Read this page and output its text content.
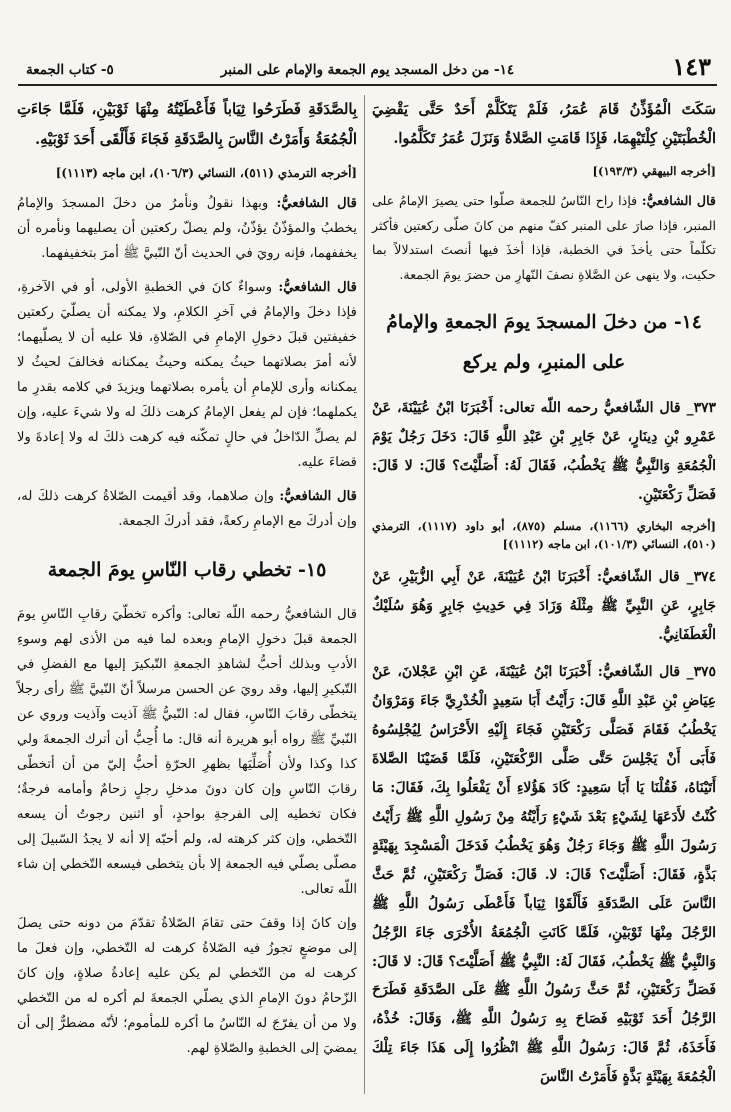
١٤٣
١٤- من دخل المسجد يوم الجمعة والإمام على المنبر
٥- كتاب الجمعة

سَكَتَ الْمُؤَذِّنُ قَامَ عُمَرُ، فَلَمْ يَتَكَلَّمْ أَحَدٌ حَتَّى يَقْضِيَ الْخُطْبَتَيْنِ كِلْتَيْهِمَا، فَإِذَا قَامَتِ الصَّلاةُ وَنَزَلَ عُمَرُ تَكَلَّمُوا.

[أخرجه البيهقي (١٩٣/٣)]

قال الشافعيُّ: فإذا راح النّاسُ للجمعة صلّوا حتى يصيرَ الإمامُ على المنبر، فإذا صارَ على المنبر كفّ منهم من كانَ صلّى ركعتين فأكثر تكلّماً حتى يأخذَ في الخطبة، فإذا أخذَ فيها أنصتَ استدلالاً بما حكيت، ولا ينهى عن الصَّلاةِ نصفَ النّهارِ من حضرَ يومَ الجمعة.

١٤- من دخلَ المسجدَ يومَ الجمعةِ والإمامُ على المنبرِ، ولم يركع

٣٧٣_ قال الشّافعيُّ رحمه اللّه تعالى: أَخْبَرَنَا ابْنُ عُيَيْنَةَ، عَنْ عَمْرِو بْنِ دِينَارٍ، عَنْ جَابِرِ بْنِ عَبْدِ اللَّهِ قَالَ: دَخَلَ رَجُلٌ يَوْمَ الْجُمُعَةِ وَالنَّبِيُّ ﷺ يَخْطُبُ، فَقَالَ لَهُ: أَصَلَّيْتَ؟ قَالَ: لا قَالَ: فَصَلِّ رَكْعَتَيْنِ.

[أخرجه البخاري (١١٦٦)، مسلم (٨٧٥)، أبو داود (١١١٧)، الترمذي (٥١٠)، النسائي (١٠١/٣)، ابن ماجه (١١١٢)]

٣٧٤_ قال الشّافعيُّ: أَخْبَرَنَا ابْنُ عُيَيْنَةَ، عَنْ أَبِي الزُّبَيْرِ، عَنْ جَابِرٍ، عَنِ النَّبِيِّ ﷺ مِثْلَهُ وَزَادَ فِي حَدِيثِ جَابِرٍ وَهُوَ سُلَيْكٌ الْغَطَفَانِيُّ.

٣٧٥_ قال الشّافعيُّ: أَخْبَرَنَا ابْنُ عُيَيْنَةَ، عَنِ ابْنِ عَجْلانَ، عَنْ عِيَاضِ بْنِ عَبْدِ اللَّهِ قَالَ: رَأَيْتُ أَبَا سَعِيدٍ الْخُدْرِيَّ جَاءَ وَمَرْوَانُ يَخْطُبُ فَقَامَ فَصَلَّى رَكْعَتَيْنِ فَجَاءَ إِلَيْهِ الأَحْرَاسُ لِيُجْلِسُوهُ فَأَبَى أَنْ يَجْلِسَ حَتَّى صَلَّى الرَّكْعَتَيْنِ، فَلَمَّا قَضَيْنَا الصَّلاةَ أَتَيْنَاهُ، فَقُلْنَا يَا أَبَا سَعِيدٍ: كَادَ هَؤُلاءِ أَنْ يَفْعَلُوا بِكَ، فَقَالَ: مَا كُنْتُ لأَدَعَهَا لِشَيْءٍ بَعْدَ شَيْءٍ رَأَيْتُهُ مِنْ رَسُولِ اللَّهِ ﷺ رَأَيْتُ رَسُولَ اللَّهِ ﷺ وَجَاءَ رَجُلٌ وَهُوَ يَخْطُبُ فَدَخَلَ الْمَسْجِدَ بِهَيْئَةٍ بَذَّةٍ، فَقَالَ: أَصَلَّيْتَ؟ قَالَ: لا. قَالَ: فَصَلِّ رَكْعَتَيْنِ، ثُمَّ حَثَّ النَّاسَ عَلَى الصَّدَقَةِ فَأَلْقَوْا ثِيَاباً فَأَعْطَى رَسُولُ اللَّهِ ﷺ الرَّجُلَ مِنْهَا ثَوْبَيْنِ، فَلَمَّا كَانَتِ الْجُمُعَةُ الأُخْرَى جَاءَ الرَّجُلُ وَالنَّبِيُّ ﷺ يَخْطُبُ، فَقَالَ لَهُ: النَّبِيُّ ﷺ أَصَلَّيْتَ؟ قَالَ: لا قَالَ: فَصَلِّ رَكْعَتَيْنِ، ثُمَّ حَثَّ رَسُولُ اللَّهِ ﷺ عَلَى الصَّدَقَةِ فَطَرَحَ الرَّجُلُ أَحَدَ ثَوْبَيْهِ فَصَاحَ بِهِ رَسُولُ اللَّهِ ﷺ، وَقَالَ: خُذْهُ، فَأَخَذَهُ، ثُمَّ قَالَ: رَسُولُ اللَّهِ ﷺ انْظُرُوا إِلَى هَذَا جَاءَ تِلْكَ الْجُمُعَةَ بِهَيْئَةٍ بَذَّةٍ فَأَمَرْتُ النَّاسَ

بِالصَّدَقَةِ فَطَرَحُوا ثِيَاباً فَأَعْطَيْتُهُ مِنْهَا ثَوْبَيْنِ، فَلَمَّا جَاءَتِ الْجُمُعَةُ وَأَمَرْتُ النَّاسَ بِالصَّدَقَةِ فَجَاءَ فَأَلْقَى أَحَدَ ثَوْبَيْهِ.

[أخرجه الترمذي (٥١١)، النسائي (١٠٦/٣)، ابن ماجه (١١١٣)]

قال الشافعيُّ: وبهذا نقولُ ونأمرُ من دخلَ المسجدَ والإمامُ يخطبُ والمؤذّنُ يؤذّنُ، ولم يصلّ ركعتين أن يصليهما ونأمره أن يخففهما، فإنه رويَ في الحديث أنّ النّبيَّ ﷺ أمرَ بتخفيفهما.

قال الشافعيُّ: وسواءٌ كانَ في الخطبةِ الأولى، أو في الآخرةِ، فإذا دخلَ والإمامُ في آخرِ الكلامِ، ولا يمكنه أن يصلّيَ ركعتين خفيفتين قبلَ دخولِ الإمامِ في الصّلاةِ، فلا عليه أن لا يصلّيهما؛ لأنه أمرَ بصلاتهما حيثُ يمكنه وحيثُ يمكنانه فخالفَ لحيثُ لا يمكنانه وأرى للإمامِ أن يأمره بصلاتهما ويزيدَ في كلامه بقدرِ ما يكملهما؛ فإن لم يفعل الإمامُ كرهت ذلكَ له ولا شيءَ عليه، وإن لم يصلِّ الدّاخلُ في حالٍ تمكّنه فيه كرهت ذلكَ له ولا إعادةَ ولا قضاءَ عليه.

قال الشافعيُّ: وإن صلاهما، وقد أقيمت الصّلاةُ كرهت ذلكَ له، وإن أدركَ مع الإمامِ ركعةً، فقد أدركَ الجمعة.

١٥- تخطي رقاب النّاسِ يومَ الجمعة

قال الشافعيُّ رحمه اللّه تعالى: وأكره تخطّيَ رقابِ النّاسِ يومَ الجمعة قبلَ دخولِ الإمامِ وبعده لما فيه من الأذى لهم وسوءِ الأدبِ وبذلك أحبُّ لشاهدِ الجمعةِ التّبكيرَ إليها مع الفضلِ في التّبكيرِ إليها، وقد رويَ عن الحسن مرسلاً أنّ النّبيَّ ﷺ رأى رجلاً يتخطّى رقابَ النّاسِ، فقال له: النّبيُّ ﷺ آذيت وآذيت وروي عن النّبيِّ ﷺ رواه أبو هريرة أنه قال: ما أُحِبُّ أن أترك الجمعةَ ولي كذا وكذا ولأن أُصَلِّيَها بظهرِ الحرّةِ أحبُّ إليّ من أن أتخطّى رقابَ النّاسِ وإن كان دونَ مدخلِ رجلٍ زحامٌ وأمامه فرجةٌ؛ فكان تخطيه إلى الفرجةِ بواحدٍ، أو اثنين رجوتُ أن يسعه التّخطي، وإن كثر كرهته له، ولم أحبّه إلا أنه لا يجدُ السّبيلَ إلى مصلّى يصلّي فيه الجمعة إلا بأن يتخطى فيسعه التّخطي إن شاء اللّه تعالى.

وإن كانَ إذا وقفَ حتى تقامَ الصّلاةُ تقدّمَ من دونه حتى يصلَ إلى موضعٍ تجوزُ فيه الصّلاةُ كرهت له التّخطي، وإن فعلَ ما كرهت له من التّخطي لم يكن عليه إعادةُ صلاةٍ، وإن كانَ الزّحامُ دونَ الإمامِ الذي يصلّي الجمعةَ لم أكره له من التّخطي ولا من أن يفرّجَ له النّاسُ ما أكره للمأموم؛ لأنّه مضطرٌّ إلى أن يمضيَ إلى الخطبةِ والصّلاةِ لهم.
